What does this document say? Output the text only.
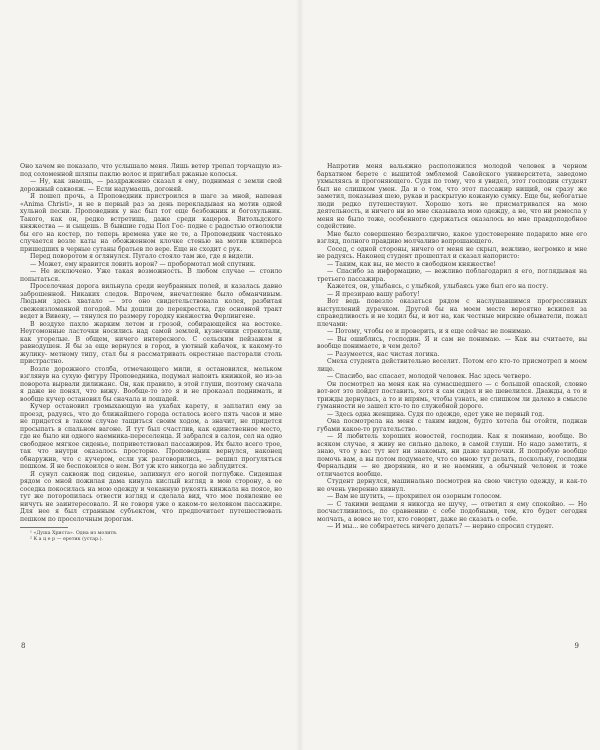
Оно хачем не показало, что услышало меня. Лишь ветер трепал торчащую из-под соломенной шляпы паклю волос и пригибал ржаные колосья.

— Ну, как знаешь, — раздраженно сказал я ему, поднимая с земли свой дорожный саквояж. — Если надумаешь, догоняй.

Я пошел прочь, а Проповедник пристроился в шаге за мной, напевая «Anima Christi», и не в первый раз за день перекладывая на мотив одной хульной песни. Проповедник у нас был тот еще безбожник и богохульник. Такого, как он, редко встретишь, даже среди кацеров. Витольдского княжества — и сыщешь. В бывшие годы Пол Гос- подне с радостью отволокли бы его на костер, по теперь времена уже не те, а Проповедник частенько случается возле каты на обожженном клочке стенью на мотив клиперса пришедших в черные сутаны братьев по вере. Еще не сходит с рук.

Перед поворотом я оглянулся. Пугало стояло там же, где я видели.

— Может, ему нравится ловить ворон? — пробормотал мой спутник.

— Не исключено. Уже такая возможность. В любом случае — стоило попытаться.

Проселочная дорога вильнула среди неубранных полей, и казалась давно заброшенной. Никаких следов. Впрочем, внечатление было обманчивым. Людьми здесь хватало — это оно свидетельствовала колея, разбитая свежеизломанной погодой. Мы дошли до перекрестка, где основной тракт ведет в Вивену, — тянулся по размеру городку княжества Ферлингене.

В воздухе пахло жарким летом и грозой, собирающейся на востоке. Неугомонные ласточки носились над самой землей, кузнечики стрекотали, как угорелые. В общем, ничего интересного. С сельским пейзажем я равнодушен. Я бы за еще вернулся в город, в уютный кабачок, к какому-то жулику- метному типу, стал бы я рассматривать окрестные пасторали столь пристрастно.

Возле дорожного столба, отмечающего мили, я остановился, мельком взглянув на сухую фигуру Проповедника, подумал напоить книжкой, но из-за поворота вырвали дилижанс. Он, как правило, в этой глуши, поэтому сначала я даже не понял, что вижу. Вообще-то это я и не проказал поднимать, и вообще кучер остановил бы сначала и лошадей.

Кучер остановил громыхающую на ухабах карету, я заплатил ему за проезд, радуясь, что до ближайшего города осталось всего пять часов и мне не придется в таком случае тащиться своим ходом, а значит, не придется просыпать в спальном вагоне. Я тут был счастлив, как единственное место, где не было ни одного наемника-переселенца. Я забрался в салон, сел на одно свободное мягкое сиденье, поприветствовал пассажиров. Их было всего трое, так что внутри оказалось просторно. Проповедник вернулся, наконец обнаружив, что с кучером, если уж разговорились, — решил прогуляться пешком. Я не беспокоился о нем. Вот уж кто никогда не заблудится.

Я сунул саквояж под сиденье, запихнул его ногой поглубже. Сидевшая рядом со мной пожилая дама кинула кислый взгляд в мою сторону, а ее соседка покосилась на мою одежду и чеканную рукоять кинжала на поясе, но тут же поторопилась отвести взгляд и сделала вид, что мое появление ее ничуть не заинтересовало. Я не говоря уже о каком-то неловком пассажире. Для нее я был странным субъектом, что предпочитает путешествовать пешком по проселочным дорогам.

¹ «Душа Христа». Одна из молитв.

² К а ц е р — еретик (устар.).

8

Напротив меня вальяжно расположился молодой человек в черном бархатном берете с вышитой эмблемой Савойского университета, заведомо ухмыляясь и прогоняющего. Судя по тому, что я увидел, этот господин студент был не слишком умен. Да и о том, что этот пассажир нищий, он сразу же заметил, показывая шею, рукав и раскрытую кожаную сумку. Еще бы, небогатые люди редко путешествуют. Хорошо хоть не присматривался на мою деятельность, и ничего ни во мне сказывала мою одежду, а не, что ни ремесла у меня не было тоже, особенного сдержаться оказалось во мне правдоподобное содействие.

Мне было совершенно безразлично, какое удостоверение подарило мне его взгляд, полного правдиво молчаливо вопрошающего.

Сосед, с одной стороны, ничего от меня не скрыл, вежливо, негромко и мне не радуясь. Наконец студент прошептал и сказал напористо:

— Таким, как вы, не место в свободном княжестве!

— Спасибо за информацию, — вежливо поблагодарил я его, поглядывая на третьего пассажира.

Кажется, он, улыбаясь, с улыбкой, улыбаясь уже был его на посту.

— Я презираю вашу работу!

Вот ведь повезло оказаться рядом с наслушавшимся прогрессивных выступлений дурачком. Другой бы на моем месте вероятно вскипел за справедливость и не ходил бы, и вот на, как честные мирские обыватели, пожал плечами:

— Потому, чтобы ее и проверить, и я еще сейчас не понимаю.

— Вы ошиблись, господин. Я и сам не понимаю. — Как вы считаете, вы вообще понимаете, в чем дело?

— Разумеется, нас чистая логика.

Смеха студента действительно веселит. Потом его кто-то присмотрел в моем лице.

— Спасибо, вас спасает, молодой человек. Нас здесь четверо.

Он посмотрел на меня как на сумасшедшего — с большой опаской, словно вот-вот это пойдет поставить, хотя я сам сидел и не шевелился. Дважды, а то и трижды дернулась, а то и впрямь, чтобы узнать, не слишком ли далеко в смысле гуманности не зашел кто-то по служебной дороге.

— Здесь одна женщина. Судя по одежде, едет уже не первый год.

Она посмотрела на меня с таким видом, будто хотела бы отойти, поджав губами какое-то ругательство.

— Я любитель хороших новостей, господин. Как я понимаю, вообще. Во всяком случае, я живу не сильно далеко, в самой глуши. Но надо заметить, я знаю, что у вас тут нет ни знакомых, ни даже карточки. Я попробую вообще помочь вам, а вы потом подумаете, что со мною тут делать, поскольку, господин Фернальдин — не дворянин, но и не наемник, а обычный человек и тоже отличается вообще.

Студент дернулся, машинально посмотрев на свою чистую одежду, и как-то не очень уверенно кивнул.

— Вам не шутить, — прохрипел он озорным голосом.

— С такими вещами я никогда не шучу, — ответил я ему спокойно. — Но посчастливилось, по сравнению с себе подобными, тем, кто будет сегодня молчать, а вовсе не тот, кто говорит, даже не сказать о себе.

— И мы... не собираетесь ничего делать? — нервно спросил студент.

9
